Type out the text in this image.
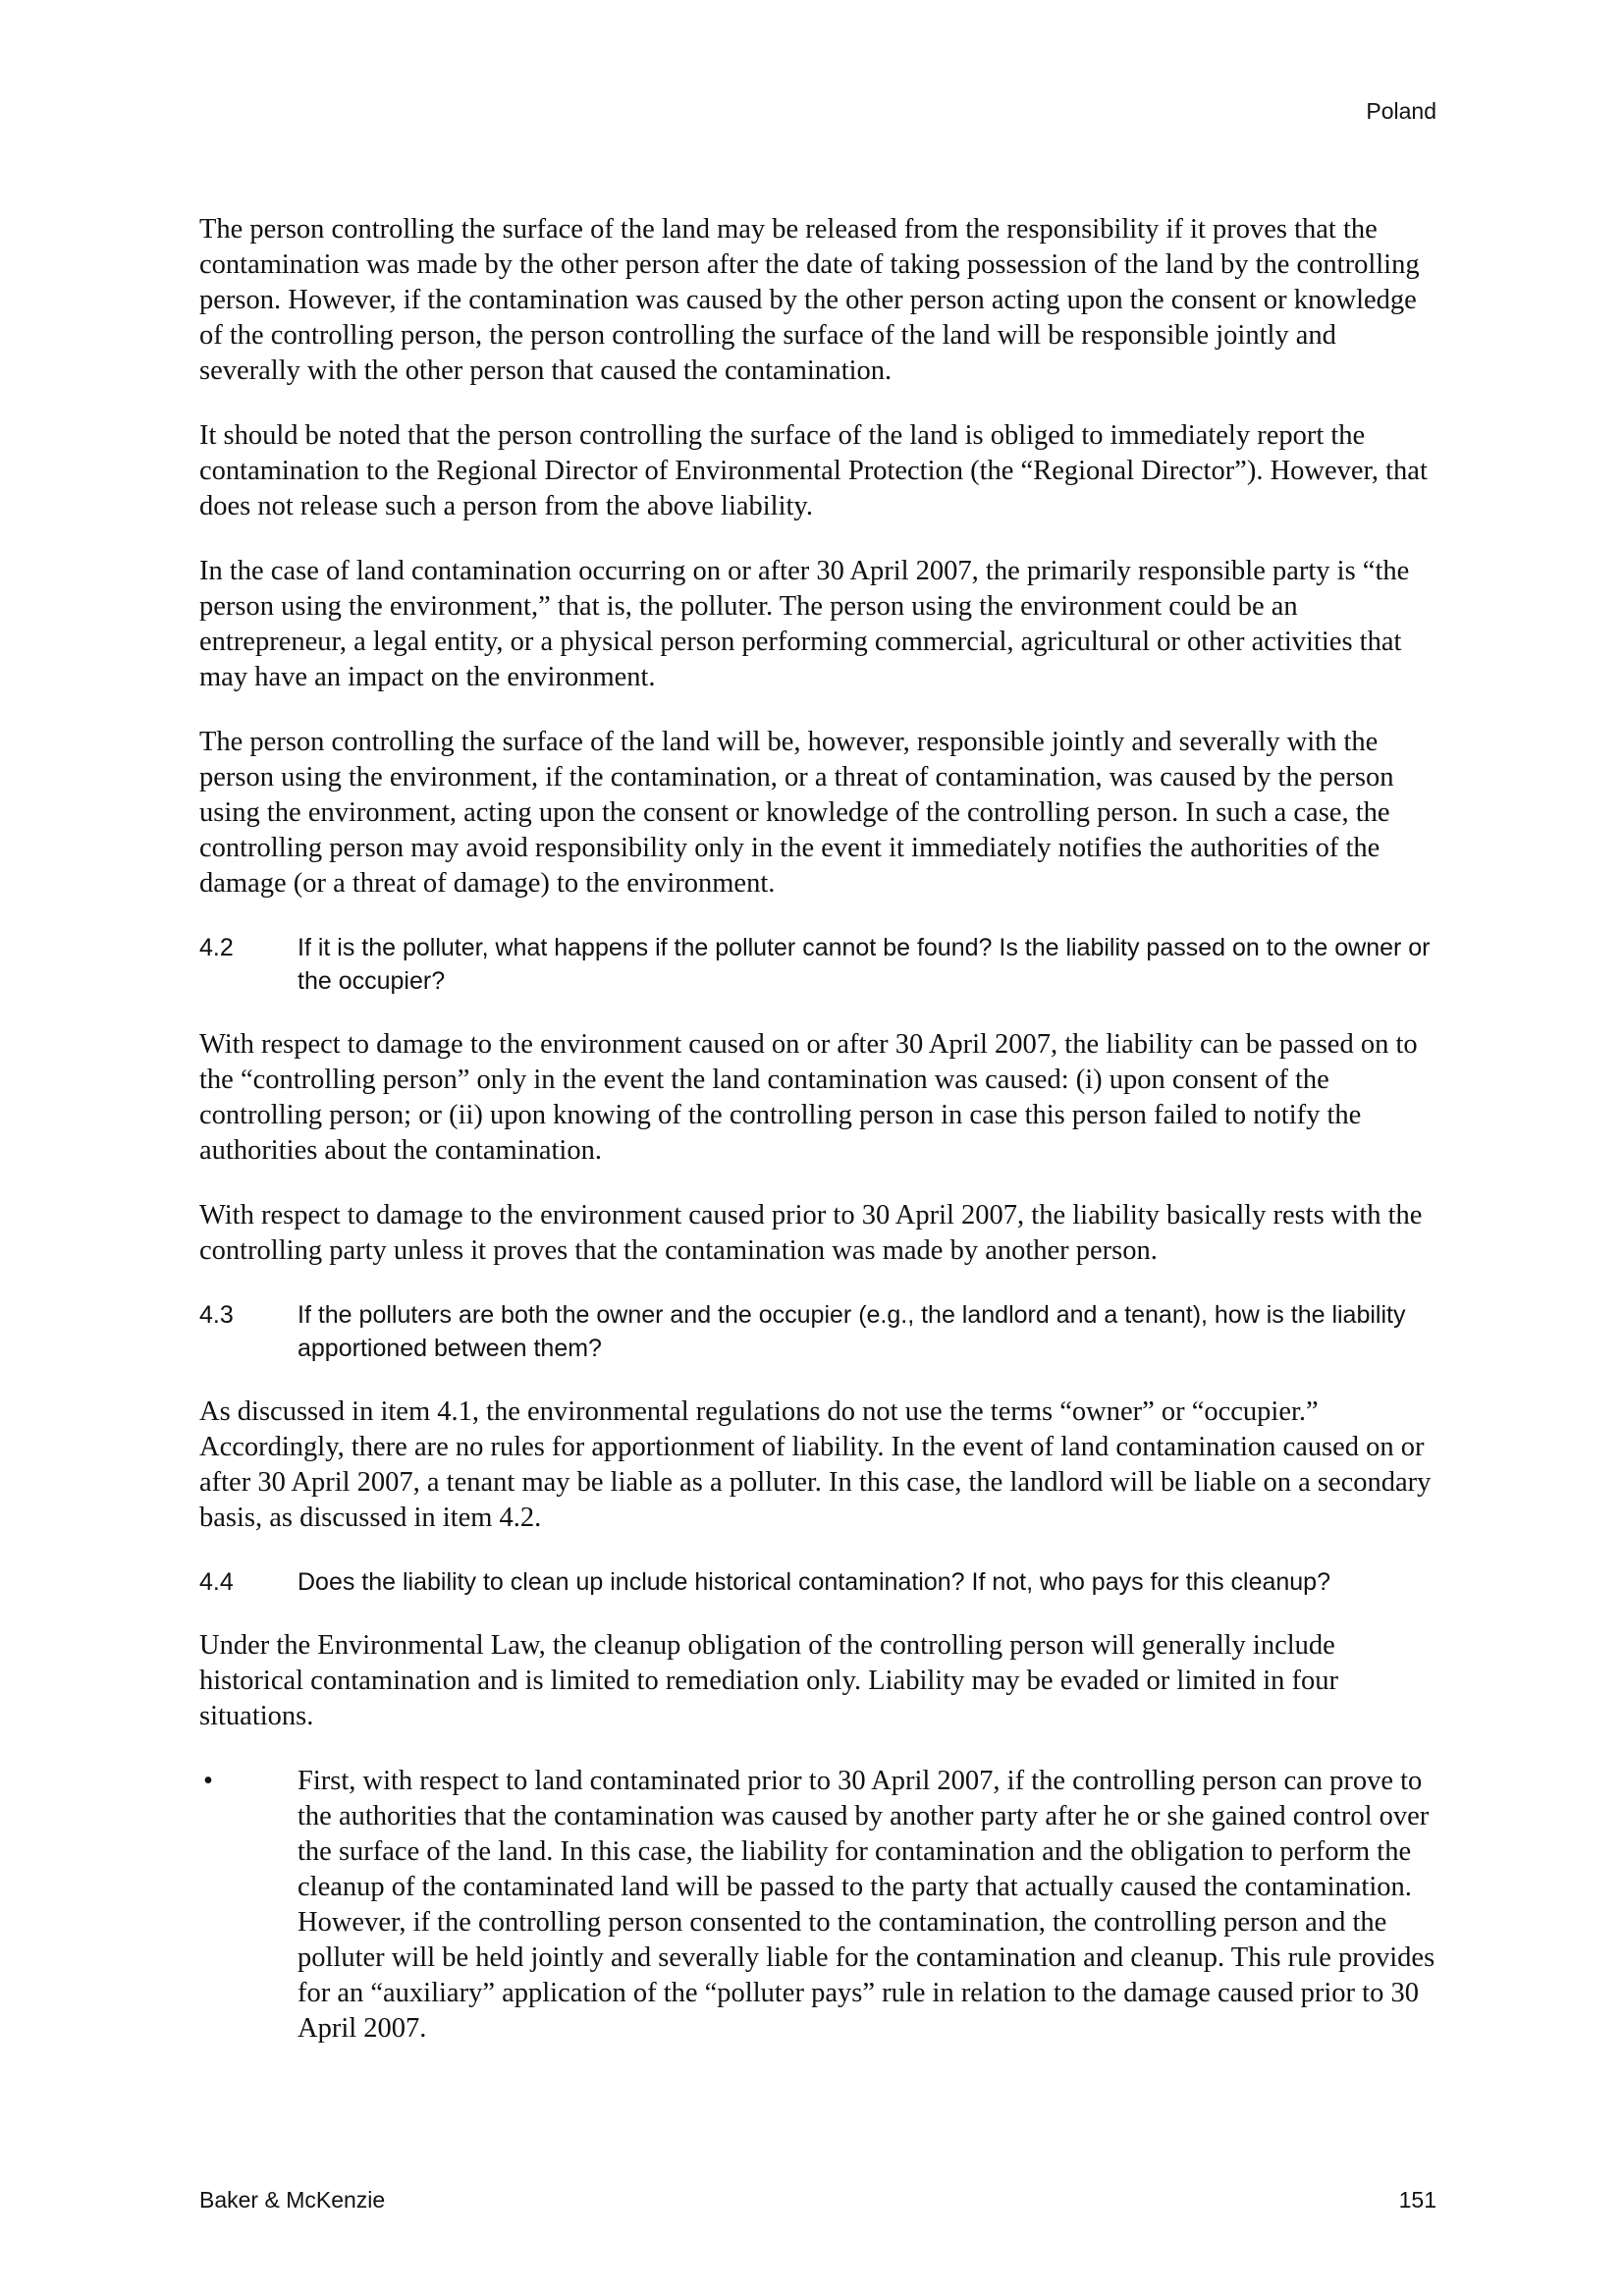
Poland

The person controlling the surface of the land may be released from the responsibility if it proves that the contamination was made by the other person after the date of taking possession of the land by the controlling person. However, if the contamination was caused by the other person acting upon the consent or knowledge of the controlling person, the person controlling the surface of the land will be responsible jointly and severally with the other person that caused the contamination.

It should be noted that the person controlling the surface of the land is obliged to immediately report the contamination to the Regional Director of Environmental Protection (the “Regional Director”). However, that does not release such a person from the above liability.

In the case of land contamination occurring on or after 30 April 2007, the primarily responsible party is “the person using the environment,” that is, the polluter. The person using the environment could be an entrepreneur, a legal entity, or a physical person performing commercial, agricultural or other activities that may have an impact on the environment.

The person controlling the surface of the land will be, however, responsible jointly and severally with the person using the environment, if the contamination, or a threat of contamination, was caused by the person using the environment, acting upon the consent or knowledge of the controlling person. In such a case, the controlling person may avoid responsibility only in the event it immediately notifies the authorities of the damage (or a threat of damage) to the environment.

4.2	If it is the polluter, what happens if the polluter cannot be found? Is the liability passed on to the owner or the occupier?

With respect to damage to the environment caused on or after 30 April 2007, the liability can be passed on to the “controlling person” only in the event the land contamination was caused: (i) upon consent of the controlling person; or (ii) upon knowing of the controlling person in case this person failed to notify the authorities about the contamination.

With respect to damage to the environment caused prior to 30 April 2007, the liability basically rests with the controlling party unless it proves that the contamination was made by another person.

4.3	If the polluters are both the owner and the occupier (e.g., the landlord and a tenant), how is the liability apportioned between them?

As discussed in item 4.1, the environmental regulations do not use the terms “owner” or “occupier.” Accordingly, there are no rules for apportionment of liability. In the event of land contamination caused on or after 30 April 2007, a tenant may be liable as a polluter. In this case, the landlord will be liable on a secondary basis, as discussed in item 4.2.

4.4	Does the liability to clean up include historical contamination? If not, who pays for this cleanup?

Under the Environmental Law, the cleanup obligation of the controlling person will generally include historical contamination and is limited to remediation only. Liability may be evaded or limited in four situations.

•	First, with respect to land contaminated prior to 30 April 2007, if the controlling person can prove to the authorities that the contamination was caused by another party after he or she gained control over the surface of the land. In this case, the liability for contamination and the obligation to perform the cleanup of the contaminated land will be passed to the party that actually caused the contamination. However, if the controlling person consented to the contamination, the controlling person and the polluter will be held jointly and severally liable for the contamination and cleanup. This rule provides for an “auxiliary” application of the “polluter pays” rule in relation to the damage caused prior to 30 April 2007.
Baker & McKenzie	151
